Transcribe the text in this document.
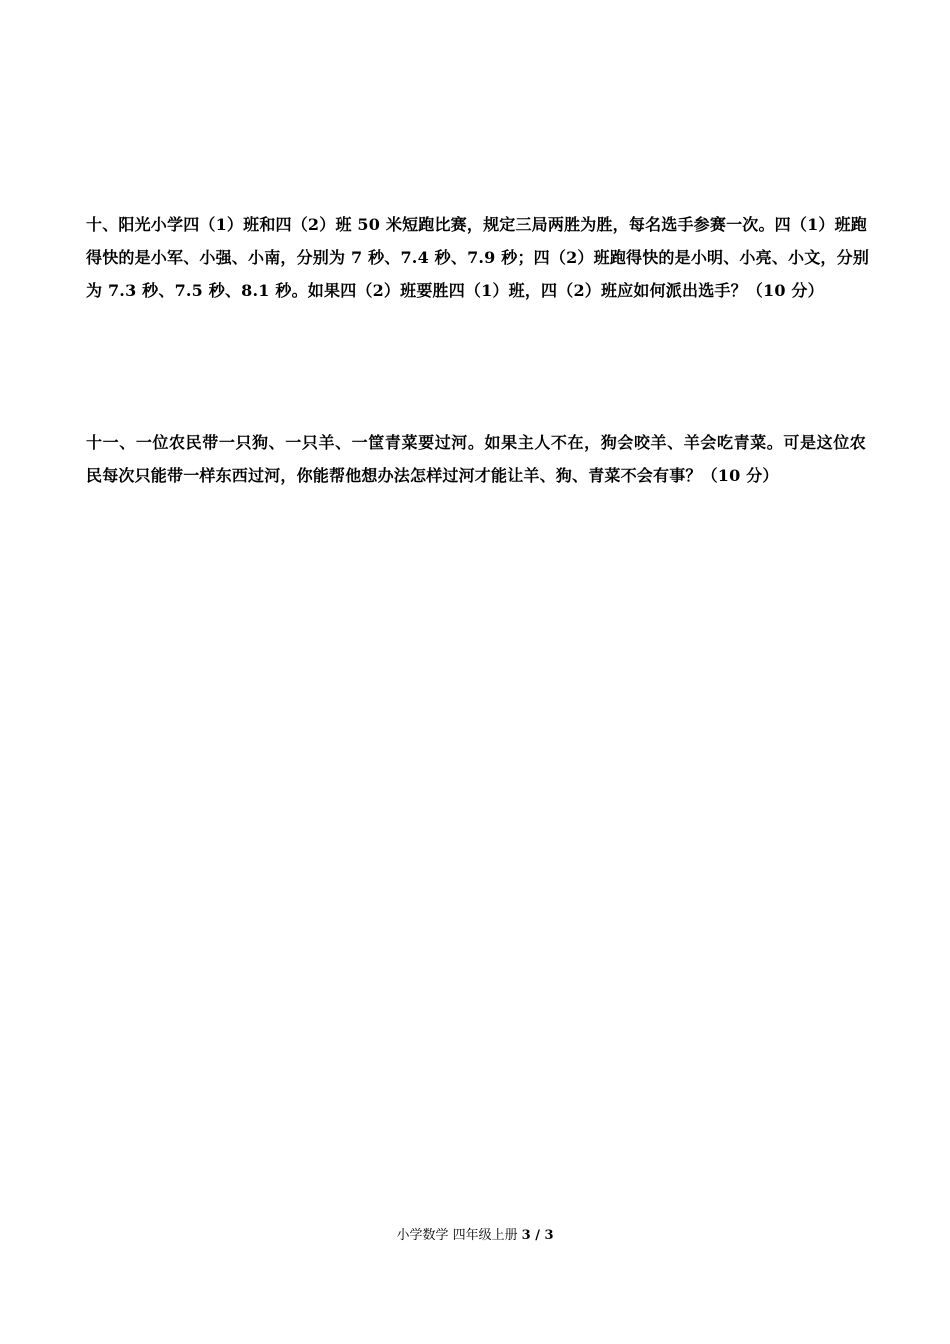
十、阳光小学四（1）班和四（2）班 50 米短跑比赛，规定三局两胜为胜，每名选手参赛一次。四（1）班跑

得快的是小军、小强、小南，分别为 7 秒、7.4 秒、7.9 秒；四（2）班跑得快的是小明、小亮、小文，分别

为 7.3 秒、7.5 秒、8.1 秒。如果四（2）班要胜四（1）班，四（2）班应如何派出选手？（10 分）

十一、一位农民带一只狗、一只羊、一筐青菜要过河。如果主人不在，狗会咬羊、羊会吃青菜。可是这位农

民每次只能带一样东西过河，你能帮他想办法怎样过河才能让羊、狗、青菜不会有事？（10 分）

小学数学 四年级上册 3 / 3
